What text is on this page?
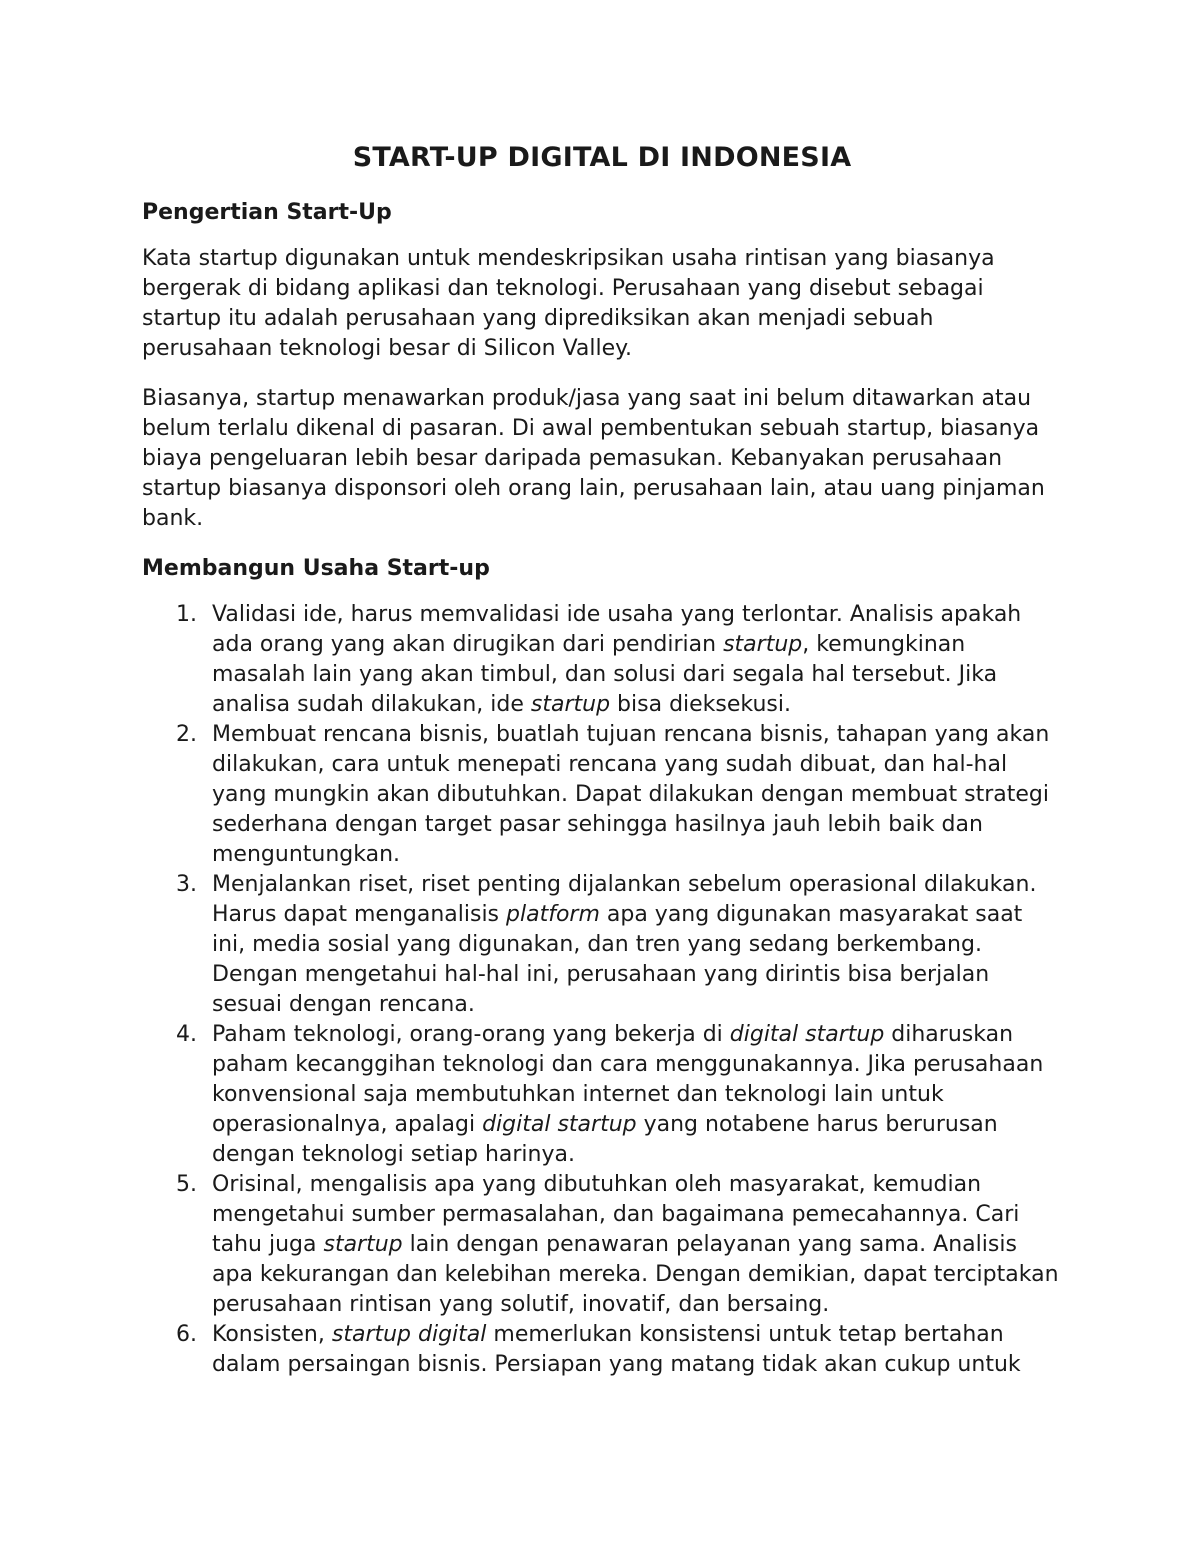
START-UP DIGITAL DI INDONESIA
Pengertian Start-Up

Kata startup digunakan untuk mendeskripsikan usaha rintisan yang biasanya bergerak di bidang aplikasi dan teknologi. Perusahaan yang disebut sebagai startup itu adalah perusahaan yang diprediksikan akan menjadi sebuah perusahaan teknologi besar di Silicon Valley.

Biasanya, startup menawarkan produk/jasa yang saat ini belum ditawarkan atau belum terlalu dikenal di pasaran. Di awal pembentukan sebuah startup, biasanya biaya pengeluaran lebih besar daripada pemasukan. Kebanyakan perusahaan startup biasanya disponsori oleh orang lain, perusahaan lain, atau uang pinjaman bank.

Membangun Usaha Start-up
1. Validasi ide, harus memvalidasi ide usaha yang terlontar. Analisis apakah ada orang yang akan dirugikan dari pendirian startup, kemungkinan masalah lain yang akan timbul, dan solusi dari segala hal tersebut. Jika analisa sudah dilakukan, ide startup bisa dieksekusi.
2. Membuat rencana bisnis, buatlah tujuan rencana bisnis, tahapan yang akan dilakukan, cara untuk menepati rencana yang sudah dibuat, dan hal-hal yang mungkin akan dibutuhkan. Dapat dilakukan dengan membuat strategi sederhana dengan target pasar sehingga hasilnya jauh lebih baik dan menguntungkan.
3. Menjalankan riset, riset penting dijalankan sebelum operasional dilakukan. Harus dapat menganalisis platform apa yang digunakan masyarakat saat ini, media sosial yang digunakan, dan tren yang sedang berkembang. Dengan mengetahui hal-hal ini, perusahaan yang dirintis bisa berjalan sesuai dengan rencana.
4. Paham teknologi, orang-orang yang bekerja di digital startup diharuskan paham kecanggihan teknologi dan cara menggunakannya. Jika perusahaan konvensional saja membutuhkan internet dan teknologi lain untuk operasionalnya, apalagi digital startup yang notabene harus berurusan dengan teknologi setiap harinya.
5. Orisinal, mengalisis apa yang dibutuhkan oleh masyarakat, kemudian mengetahui sumber permasalahan, dan bagaimana pemecahannya. Cari tahu juga startup lain dengan penawaran pelayanan yang sama. Analisis apa kekurangan dan kelebihan mereka. Dengan demikian, dapat terciptakan perusahaan rintisan yang solutif, inovatif, dan bersaing.
6. Konsisten, startup digital memerlukan konsistensi untuk tetap bertahan dalam persaingan bisnis. Persiapan yang matang tidak akan cukup untuk
